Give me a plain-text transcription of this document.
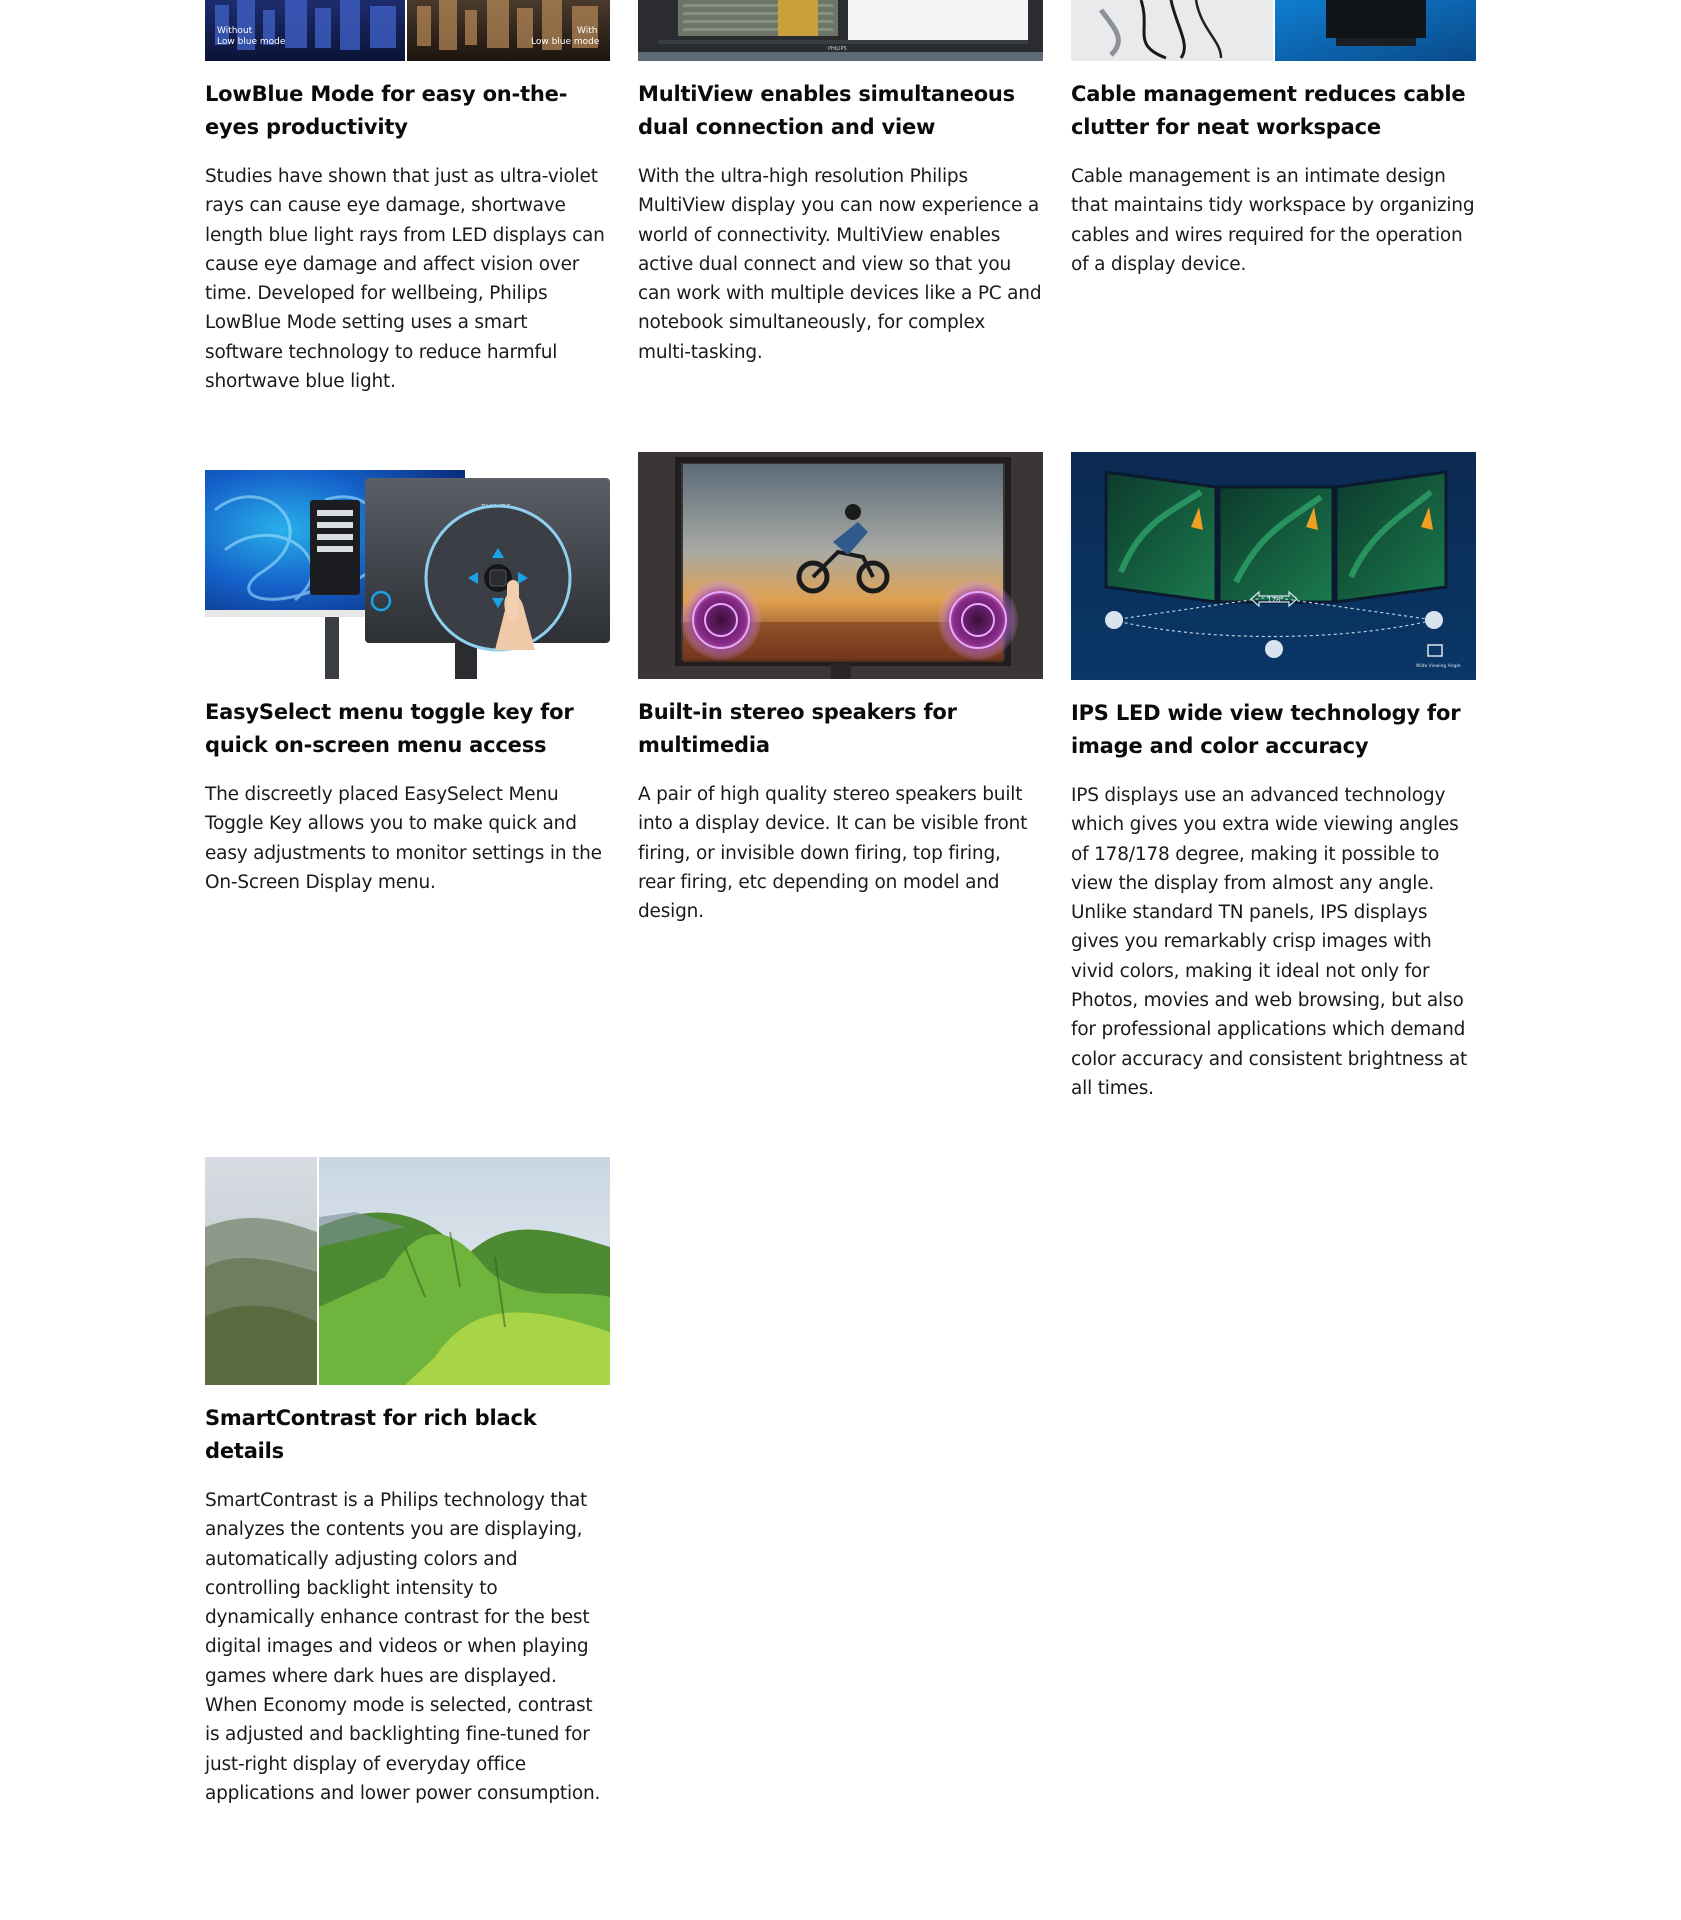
Without
Low blue mode
With
Low blue mode
LowBlue Mode for easy on-the-eyes productivity

Studies have shown that just as ultra-violet rays can cause eye damage, shortwave length blue light rays from LED displays can cause eye damage and affect vision over time. Developed for wellbeing, Philips LowBlue Mode setting uses a smart software technology to reduce harmful shortwave blue light.

PHILIPS
MultiView enables simultaneous dual connection and view

With the ultra-high resolution Philips MultiView display you can now experience a world of connectivity. MultiView enables active dual connect and view so that you can work with multiple devices like a PC and notebook simultaneously, for complex multi-tasking.

Cable management reduces cable clutter for neat workspace

Cable management is an intimate design that maintains tidy workspace by organizing cables and wires required for the operation of a display device.

EasySelect menu toggle key for quick on-screen menu access

The discreetly placed EasySelect Menu Toggle Key allows you to make quick and easy adjustments to monitor settings in the On-Screen Display menu.

Built-in stereo speakers for multimedia

A pair of high quality stereo speakers built into a display device. It can be visible front firing, or invisible down firing, top firing, rear firing, etc depending on model and design.

178°
Wide Viewing Angle
IPS LED wide view technology for image and color accuracy

IPS displays use an advanced technology which gives you extra wide viewing angles of 178/178 degree, making it possible to view the display from almost any angle. Unlike standard TN panels, IPS displays gives you remarkably crisp images with vivid colors, making it ideal not only for Photos, movies and web browsing, but also for professional applications which demand color accuracy and consistent brightness at all times.

SmartContrast for rich black details

SmartContrast is a Philips technology that analyzes the contents you are displaying, automatically adjusting colors and controlling backlight intensity to dynamically enhance contrast for the best digital images and videos or when playing games where dark hues are displayed. When Economy mode is selected, contrast is adjusted and backlighting fine-tuned for just-right display of everyday office applications and lower power consumption.
